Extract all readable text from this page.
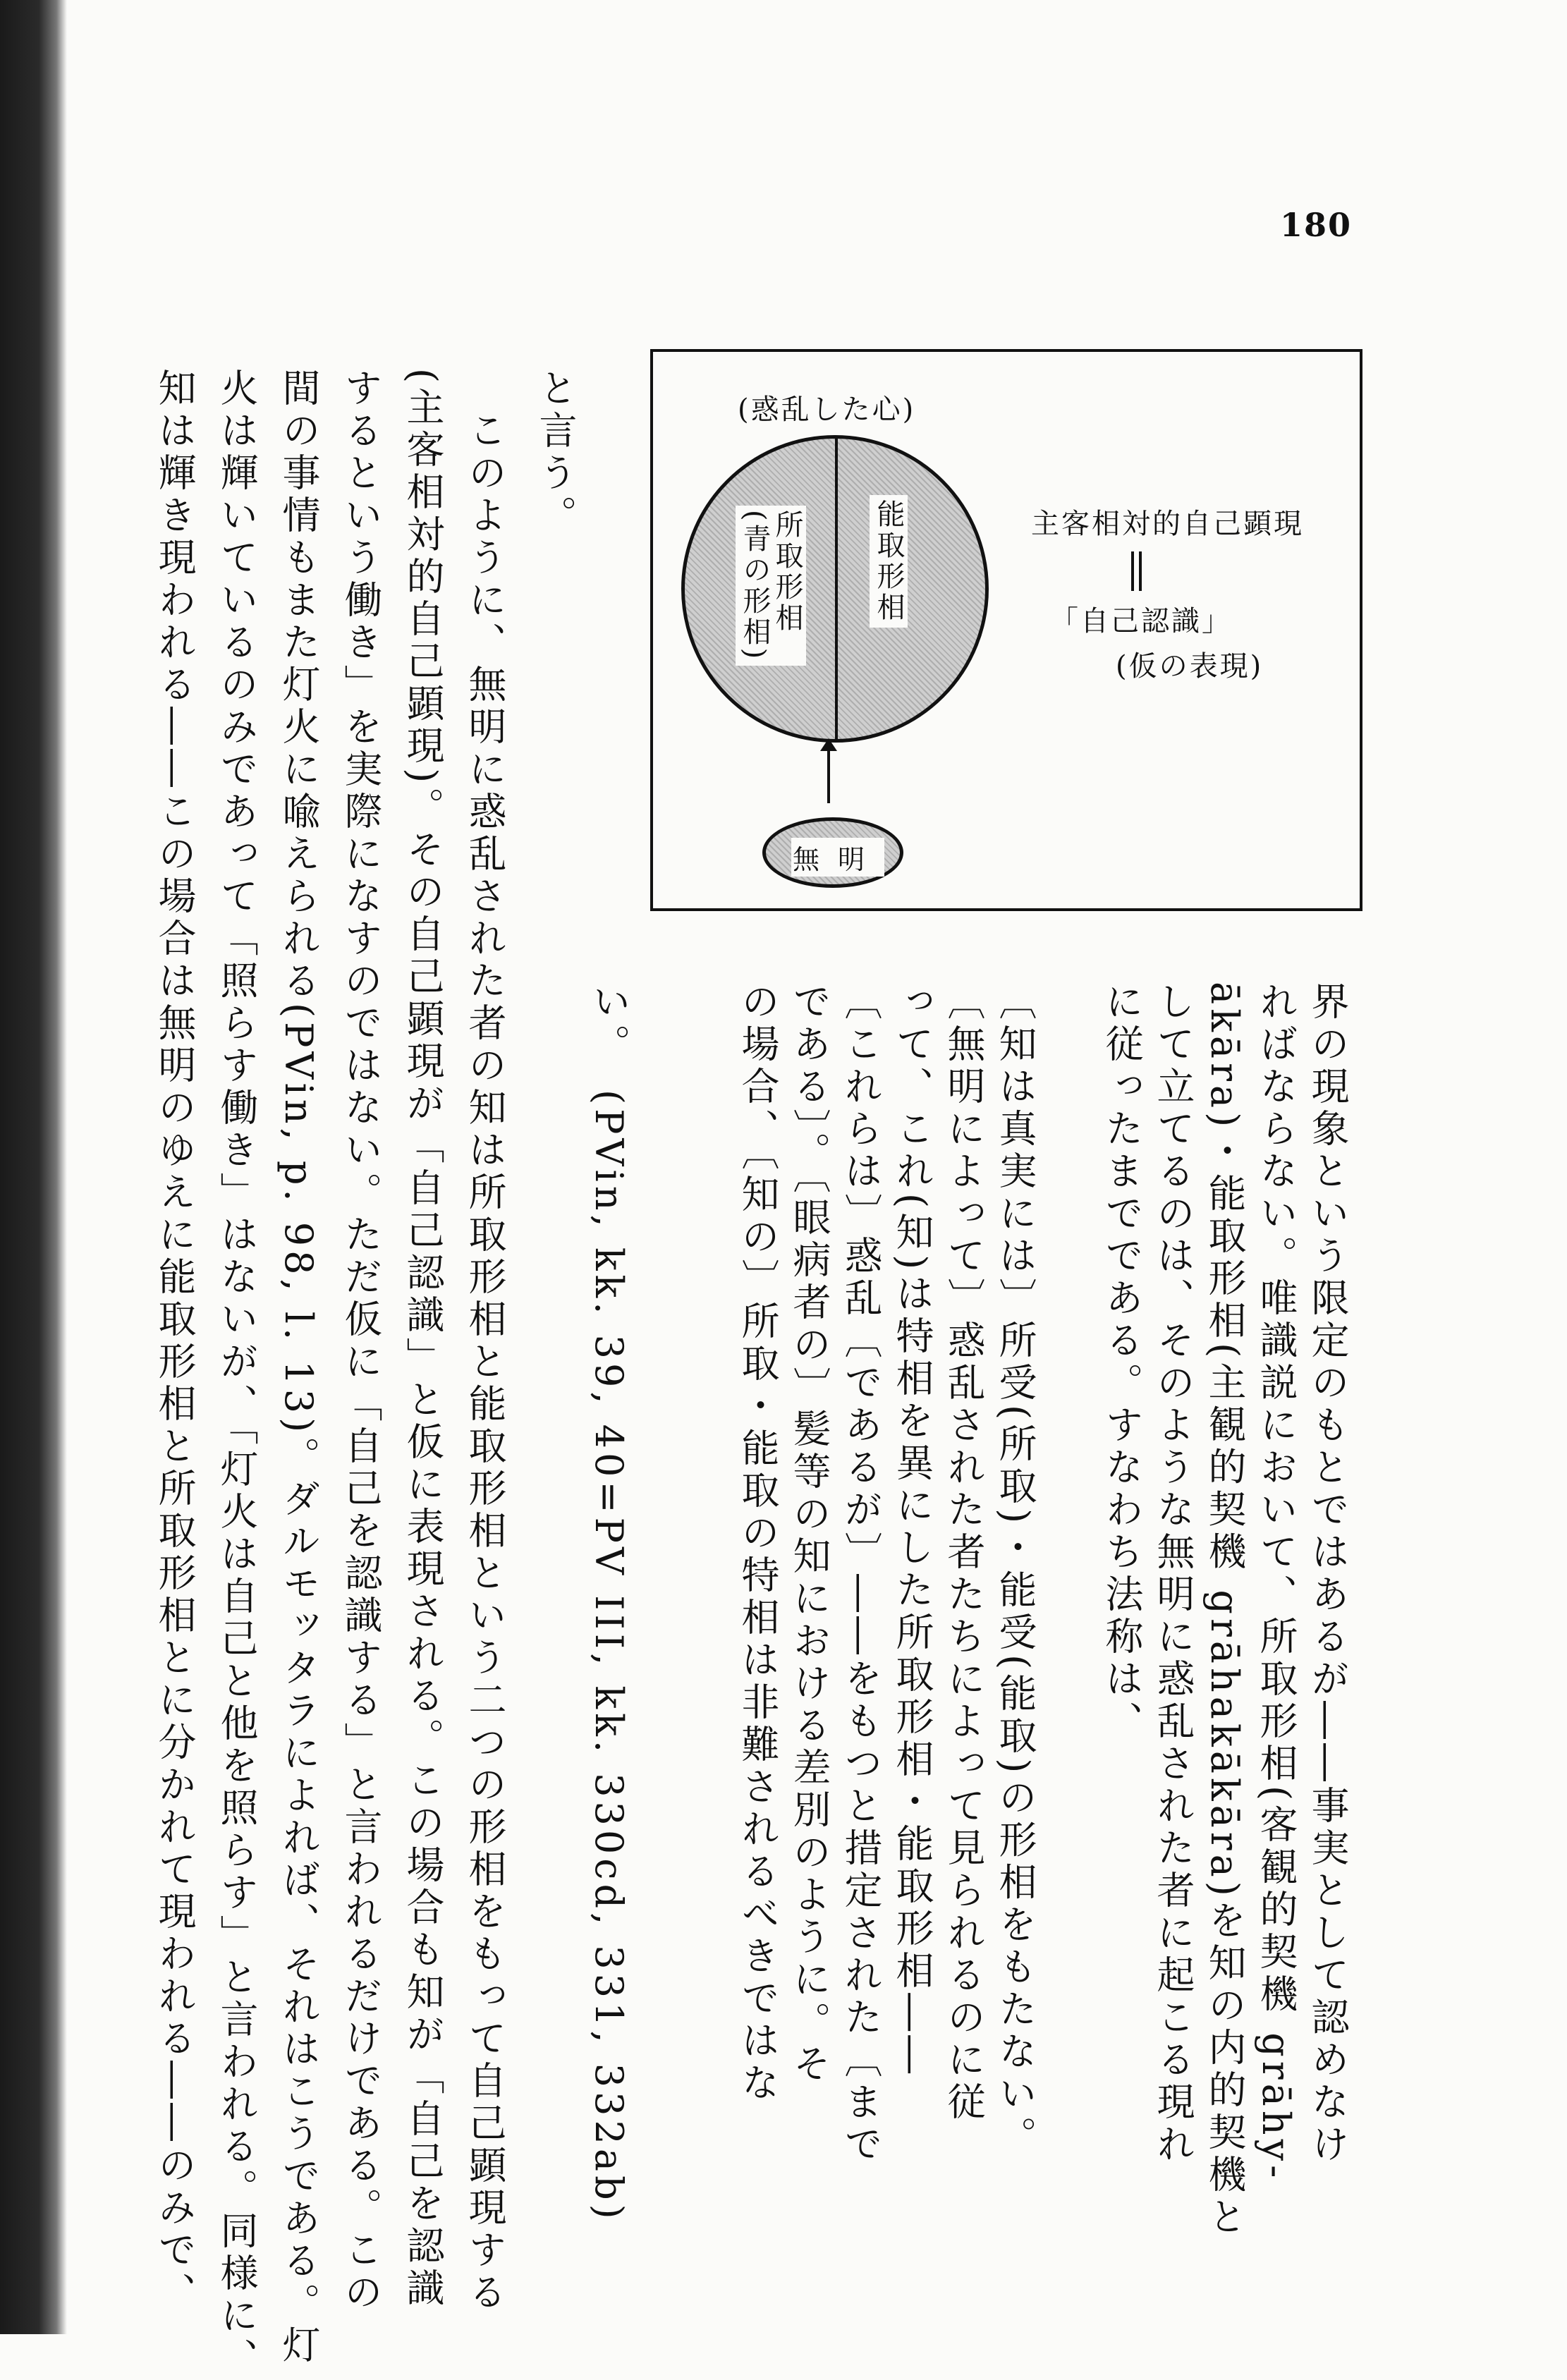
180
界の現象という限定のもとではあるが――事実として認めなけ
ればならない。唯識説において、所取形相(客観的契機 grāhy-
ākāra)・能取形相(主観的契機 grāhakākāra)を知の内的契機と
して立てるのは、そのような無明に惑乱された者に起こる現れ
に従ったまでである。すなわち法称は、
〔知は真実には〕所受(所取)・能受(能取)の形相をもたない。
〔無明によって〕惑乱された者たちによって見られるのに従
って、これ(知)は特相を異にした所取形相・能取形相――
〔これらは〕惑乱〔であるが〕――をもつと措定された〔まで
である〕。〔眼病者の〕髪等の知における差別のように。そ
の場合、〔知の〕所取・能取の特相は非難されるべきではな
い。　(PVin, kk. 39, 40=PV III, kk. 330cd, 331, 332ab)
(惑乱した心)
能取形相
所取形相
(青の形相)
無明
主客相対的自己顕現
「自己認識」
(仮の表現)
と言う。
　このように、無明に惑乱された者の知は所取形相と能取形相という二つの形相をもって自己顕現する
(主客相対的自己顕現)。その自己顕現が「自己認識」と仮に表現される。この場合も知が「自己を認識
するという働き」を実際になすのではない。ただ仮に「自己を認識する」と言われるだけである。この
間の事情もまた灯火に喩えられる(PVin, p. 98, l. 13)。ダルモッタラによれば、それはこうである。灯
火は輝いているのみであって「照らす働き」はないが、「灯火は自己と他を照らす」と言われる。同様に、
知は輝き現われる――この場合は無明のゆえに能取形相と所取形相とに分かれて現われる――のみで、
